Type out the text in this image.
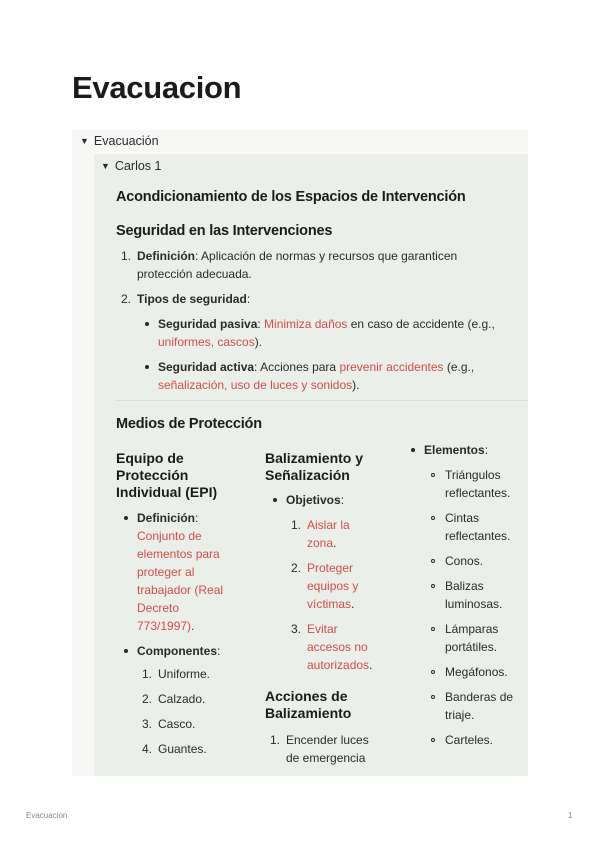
Evacuacion
▼ Evacuación
▼ Carlos 1
Acondicionamiento de los Espacios de Intervención
Seguridad en las Intervenciones
1. Definición: Aplicación de normas y recursos que garanticen
protección adecuada.
2. Tipos de seguridad:
Seguridad pasiva: Minimiza daños en caso de accidente (e.g.,
uniformes, cascos).
Seguridad activa: Acciones para prevenir accidentes (e.g.,
señalización, uso de luces y sonidos).
Medios de Protección
Equipo de
Protección
Individual (EPI)
Definición:
Conjunto de
elementos para
proteger al
trabajador (Real
Decreto
773/1997).
Componentes:
1. Uniforme.
2. Calzado.
3. Casco.
4. Guantes.
Balizamiento y
Señalización
Objetivos:
1. Aislar la
zona.
2. Proteger
equipos y
víctimas.
3. Evitar
accesos no
autorizados.
Acciones de
Balizamiento
1. Encender luces
de emergencia
Elementos:
Triángulos
reflectantes.
Cintas
reflectantes.
Conos.
Balizas
luminosas.
Lámparas
portátiles.
Megáfonos.
Banderas de
triaje.
Carteles.
Evacuacion	1
